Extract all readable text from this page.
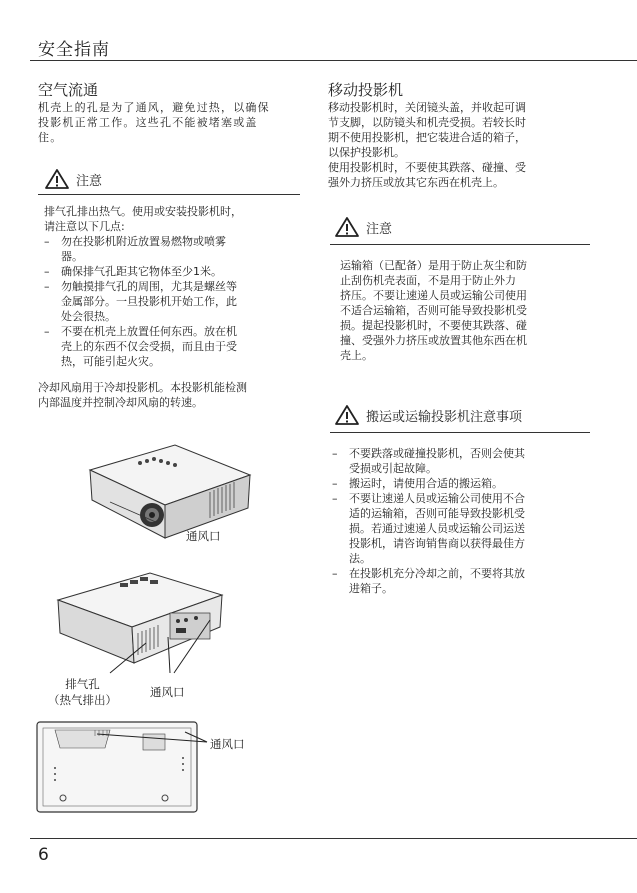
安全指南
空气流通
机壳上的孔是为了通风，避免过热，以确保
投影机正常工作。这些孔不能被堵塞或盖
住。
注意
排气孔排出热气。使用或安装投影机时，
请注意以下几点:
– 勿在投影机附近放置易燃物或喷雾
器。
– 确保排气孔距其它物体至少1米。
– 勿触摸排气孔的周围，尤其是螺丝等
金属部分。一旦投影机开始工作，此
处会很热。
– 不要在机壳上放置任何东西。放在机
壳上的东西不仅会受损，而且由于受
热，可能引起火灾。
冷却风扇用于冷却投影机。本投影机能检测
内部温度并控制冷却风扇的转速。
通风口
排气孔
（热气排出）
通风口
通风口
移动投影机
移动投影机时，关闭镜头盖，并收起可调
节支脚，以防镜头和机壳受损。若较长时
期不使用投影机，把它装进合适的箱子，
以保护投影机。
使用投影机时，不要使其跌落、碰撞、受
强外力挤压或放其它东西在机壳上。
注意
运输箱（已配备）是用于防止灰尘和防
止刮伤机壳表面，不是用于防止外力
挤压。不要让速递人员或运输公司使用
不适合运输箱，否则可能导致投影机受
损。提起投影机时，不要使其跌落、碰
撞、受强外力挤压或放置其他东西在机
壳上。
搬运或运输投影机注意事项
– 不要跌落或碰撞投影机，否则会使其
受损或引起故障。
– 搬运时，请使用合适的搬运箱。
– 不要让速递人员或运输公司使用不合
适的运输箱，否则可能导致投影机受
损。若通过速递人员或运输公司运送
投影机，请咨询销售商以获得最佳方
法。
– 在投影机充分冷却之前，不要将其放
进箱子。
6
